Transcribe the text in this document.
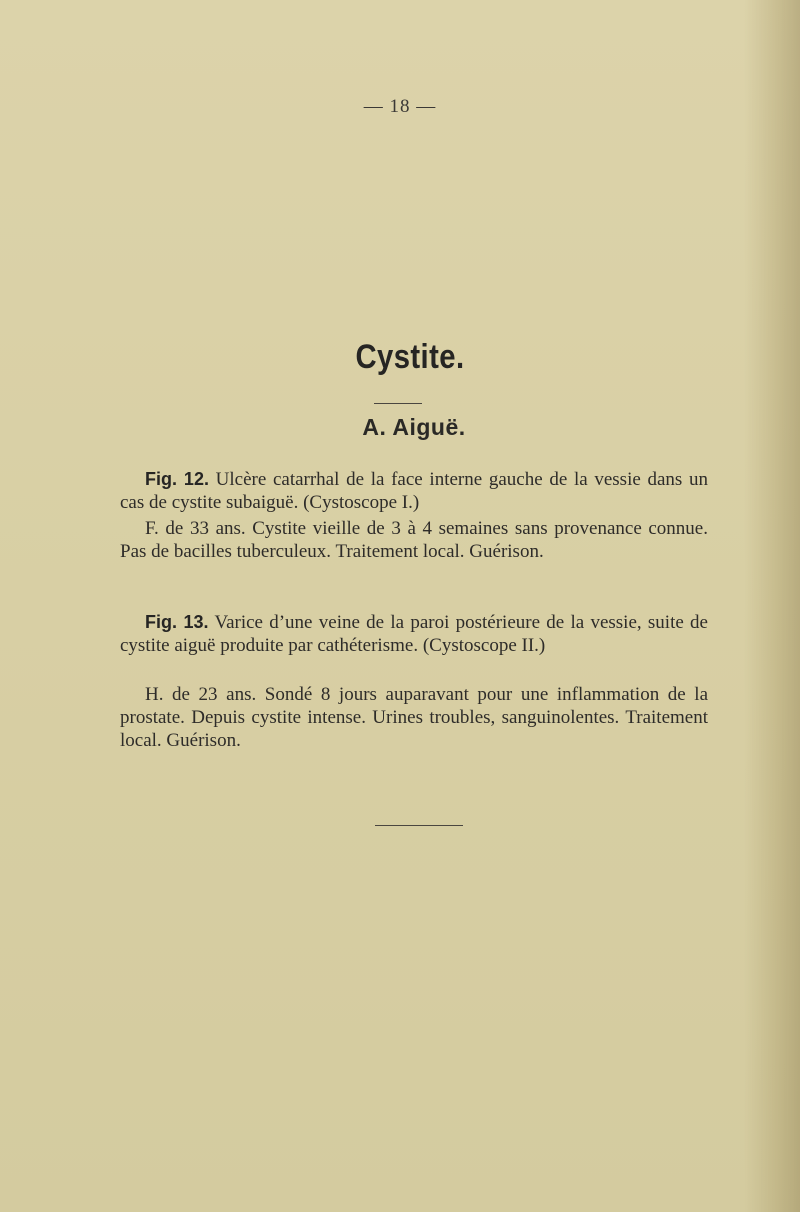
— 18 —
Cystite.
A. Aiguë.
Fig. 12. Ulcère catarrhal de la face interne gauche de la vessie dans un cas de cystite subaiguë. (Cystoscope I.)
F. de 33 ans. Cystite vieille de 3 à 4 semaines sans provenance connue. Pas de bacilles tuberculeux. Traitement local. Guérison.
Fig. 13. Varice d’une veine de la paroi postérieure de la vessie, suite de cystite aiguë produite par cathéterisme. (Cystoscope II.)
H. de 23 ans. Sondé 8 jours auparavant pour une inflammation de la prostate. Depuis cystite intense. Urines troubles, sanguinolentes. Traitement local. Guérison.
